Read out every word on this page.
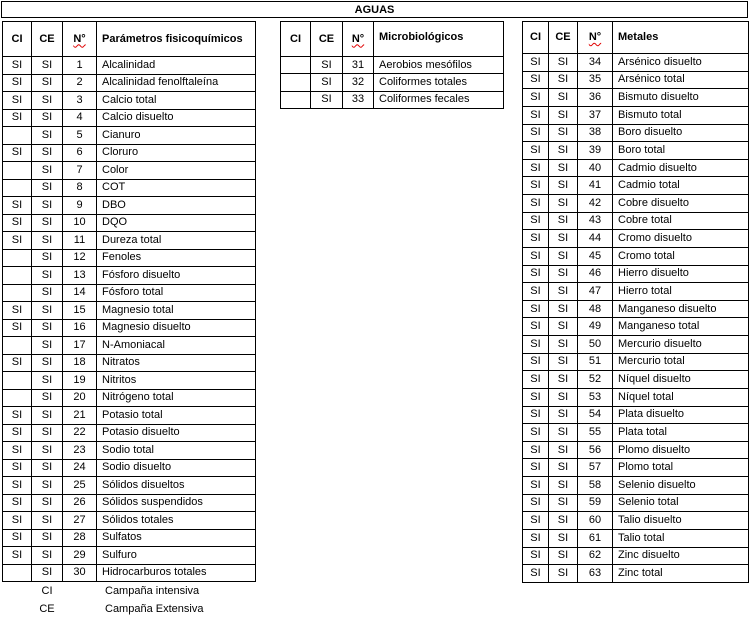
AGUAS
CI	CE	N°	Parámetros fisicoquímicos
SI	SI	1	Alcalinidad
SI	SI	2	Alcalinidad fenolftaleína
SI	SI	3	Calcio total
SI	SI	4	Calcio disuelto
	SI	5	Cianuro
SI	SI	6	Cloruro
	SI	7	Color
	SI	8	COT
SI	SI	9	DBO
SI	SI	10	DQO
SI	SI	11	Dureza total
	SI	12	Fenoles
	SI	13	Fósforo disuelto
	SI	14	Fósforo total
SI	SI	15	Magnesio total
SI	SI	16	Magnesio disuelto
	SI	17	N-Amoniacal
SI	SI	18	Nitratos
	SI	19	Nitritos
	SI	20	Nitrógeno total
SI	SI	21	Potasio total
SI	SI	22	Potasio disuelto
SI	SI	23	Sodio total
SI	SI	24	Sodio disuelto
SI	SI	25	Sólidos disueltos
SI	SI	26	Sólidos suspendidos
SI	SI	27	Sólidos totales
SI	SI	28	Sulfatos
SI	SI	29	Sulfuro
	SI	30	Hidrocarburos totales
CI	CE	N°	Microbiológicos
	SI	31	Aerobios mesófilos
	SI	32	Coliformes totales
	SI	33	Coliformes fecales
CI	CE	N°	Metales
SI	SI	34	Arsénico disuelto
SI	SI	35	Arsénico total
SI	SI	36	Bismuto disuelto
SI	SI	37	Bismuto total
SI	SI	38	Boro disuelto
SI	SI	39	Boro total
SI	SI	40	Cadmio disuelto
SI	SI	41	Cadmio total
SI	SI	42	Cobre disuelto
SI	SI	43	Cobre total
SI	SI	44	Cromo disuelto
SI	SI	45	Cromo total
SI	SI	46	Hierro disuelto
SI	SI	47	Hierro total
SI	SI	48	Manganeso disuelto
SI	SI	49	Manganeso total
SI	SI	50	Mercurio disuelto
SI	SI	51	Mercurio total
SI	SI	52	Níquel disuelto
SI	SI	53	Níquel total
SI	SI	54	Plata disuelto
SI	SI	55	Plata total
SI	SI	56	Plomo disuelto
SI	SI	57	Plomo total
SI	SI	58	Selenio disuelto
SI	SI	59	Selenio total
SI	SI	60	Talio disuelto
SI	SI	61	Talio total
SI	SI	62	Zinc disuelto
SI	SI	63	Zinc total
CI	Campaña intensiva
CE	Campaña Extensiva
